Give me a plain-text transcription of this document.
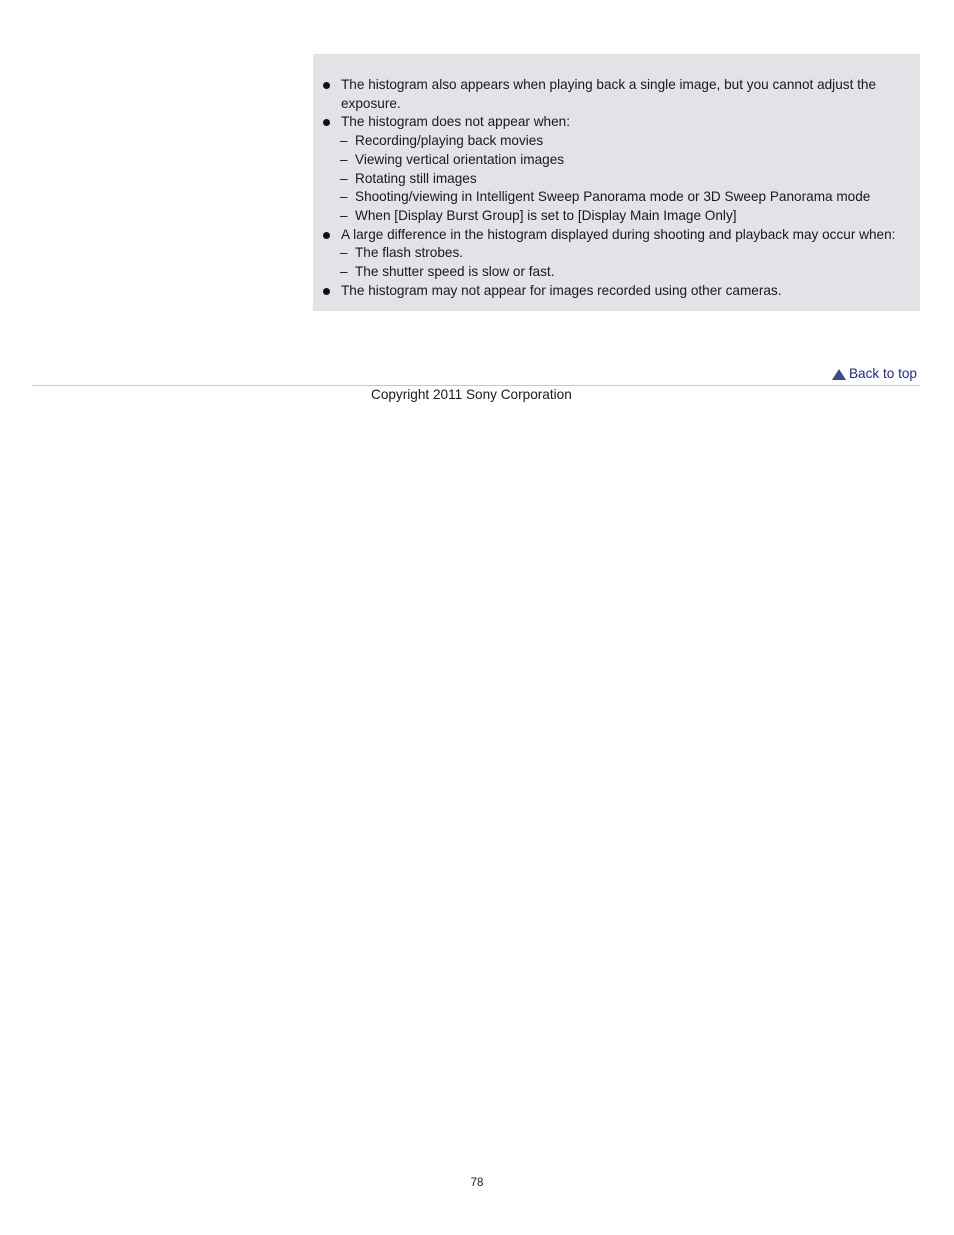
The histogram also appears when playing back a single image, but you cannot adjust the exposure.
The histogram does not appear when:
– Recording/playing back movies
– Viewing vertical orientation images
– Rotating still images
– Shooting/viewing in Intelligent Sweep Panorama mode or 3D Sweep Panorama mode
– When [Display Burst Group] is set to [Display Main Image Only]
A large difference in the histogram displayed during shooting and playback may occur when:
– The flash strobes.
– The shutter speed is slow or fast.
The histogram may not appear for images recorded using other cameras.
Back to top
Copyright 2011 Sony Corporation
78
